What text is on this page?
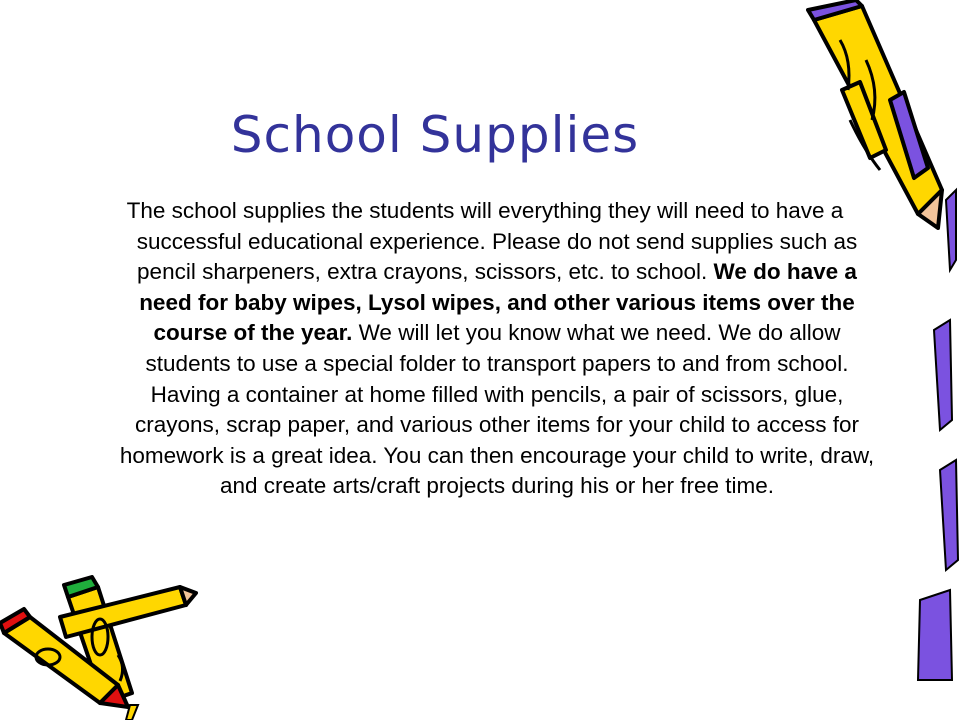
School Supplies
The school supplies the students will everything they will need to have a successful educational experience. Please do not send supplies such as pencil sharpeners, extra crayons, scissors, etc. to school. We do have a need for baby wipes, Lysol wipes, and other various items over the course of the year. We will let you know what we need. We do allow students to use a special folder to transport papers to and from school. Having a container at home filled with pencils, a pair of scissors, glue, crayons, scrap paper, and various other items for your child to access for homework is a great idea. You can then encourage your child to write, draw, and create arts/craft projects during his or her free time.
